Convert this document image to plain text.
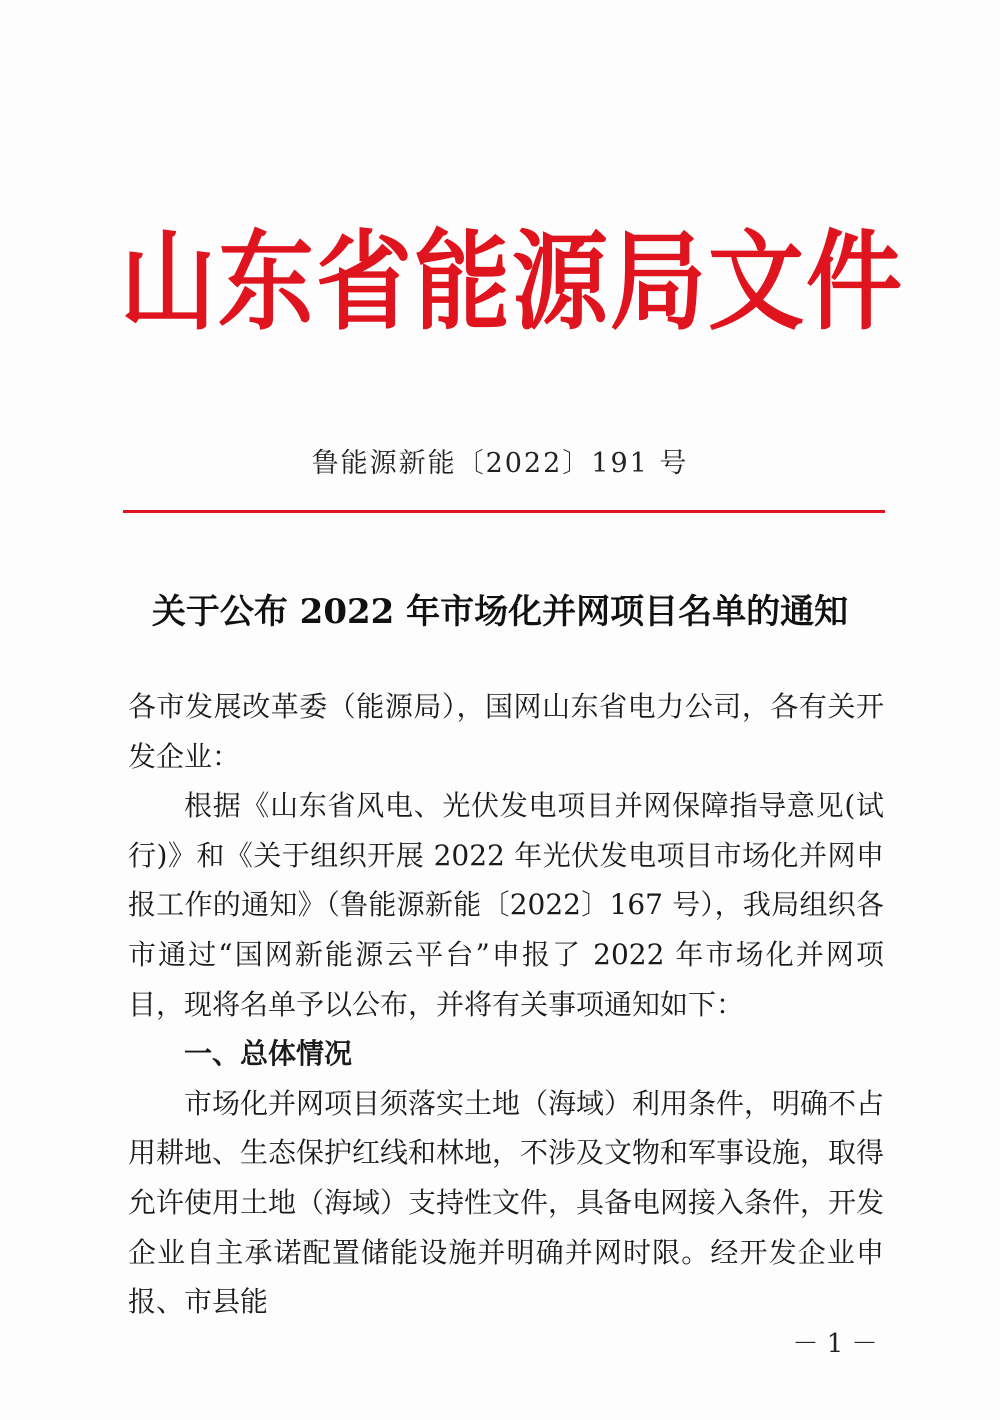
山东省能源局文件
鲁能源新能〔2022〕191 号
关于公布 2022 年市场化并网项目名单的通知

各市发展改革委（能源局），国网山东省电力公司，各有关开发企业：

根据《山东省风电、光伏发电项目并网保障指导意见(试行)》和《关于组织开展 2022 年光伏发电项目市场化并网申报工作的通知》（鲁能源新能〔2022〕167 号），我局组织各市通过“国网新能源云平台”申报了 2022 年市场化并网项目，现将名单予以公布，并将有关事项通知如下：

一、总体情况

市场化并网项目须落实土地（海域）利用条件，明确不占用耕地、生态保护红线和林地，不涉及文物和军事设施，取得允许使用土地（海域）支持性文件，具备电网接入条件，开发企业自主承诺配置储能设施并明确并网时限。经开发企业申报、市县能

－ 1 －
